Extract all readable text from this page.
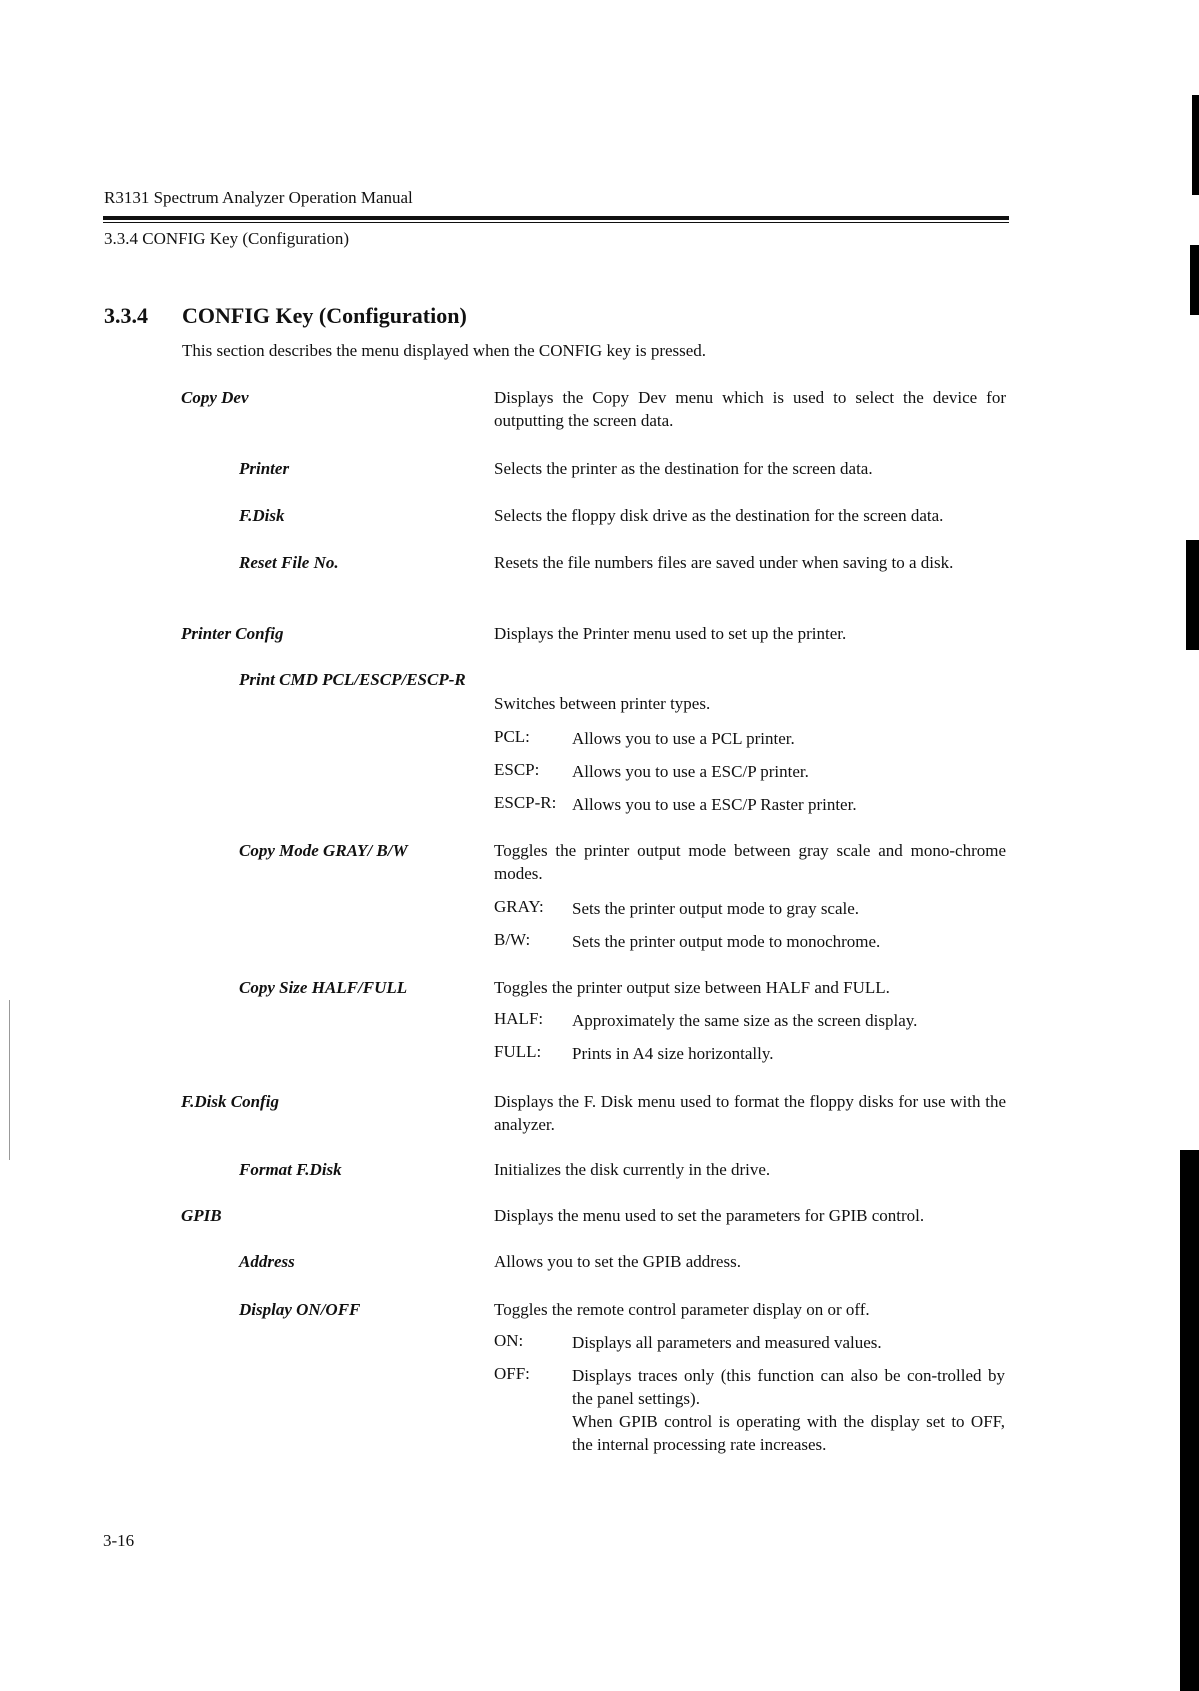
R3131 Spectrum Analyzer Operation Manual
3.3.4 CONFIG Key (Configuration)
3.3.4 CONFIG Key (Configuration)
This section describes the menu displayed when the CONFIG key is pressed.
Copy Dev	Displays the Copy Dev menu which is used to select the device for outputting the screen data.
Printer	Selects the printer as the destination for the screen data.
F.Disk	Selects the floppy disk drive as the destination for the screen data.
Reset File No.	Resets the file numbers files are saved under when saving to a disk.
Printer Config	Displays the Printer menu used to set up the printer.
Print CMD PCL/ESCP/ESCP-R
Switches between printer types.
PCL: Allows you to use a PCL printer.
ESCP: Allows you to use a ESC/P printer.
ESCP-R: Allows you to use a ESC/P Raster printer.
Copy Mode GRAY/ B/W	Toggles the printer output mode between gray scale and mono-chrome modes.
GRAY: Sets the printer output mode to gray scale.
B/W: Sets the printer output mode to monochrome.
Copy Size HALF/FULL	Toggles the printer output size between HALF and FULL.
HALF: Approximately the same size as the screen display.
FULL: Prints in A4 size horizontally.
F.Disk Config	Displays the F. Disk menu used to format the floppy disks for use with the analyzer.
Format F.Disk	Initializes the disk currently in the drive.
GPIB	Displays the menu used to set the parameters for GPIB control.
Address	Allows you to set the GPIB address.
Display ON/OFF	Toggles the remote control parameter display on or off.
ON:	Displays all parameters and measured values.
OFF: Displays traces only (this function can also be con-trolled by the panel settings).
When GPIB control is operating with the display set to OFF, the internal processing rate increases.
3-16
